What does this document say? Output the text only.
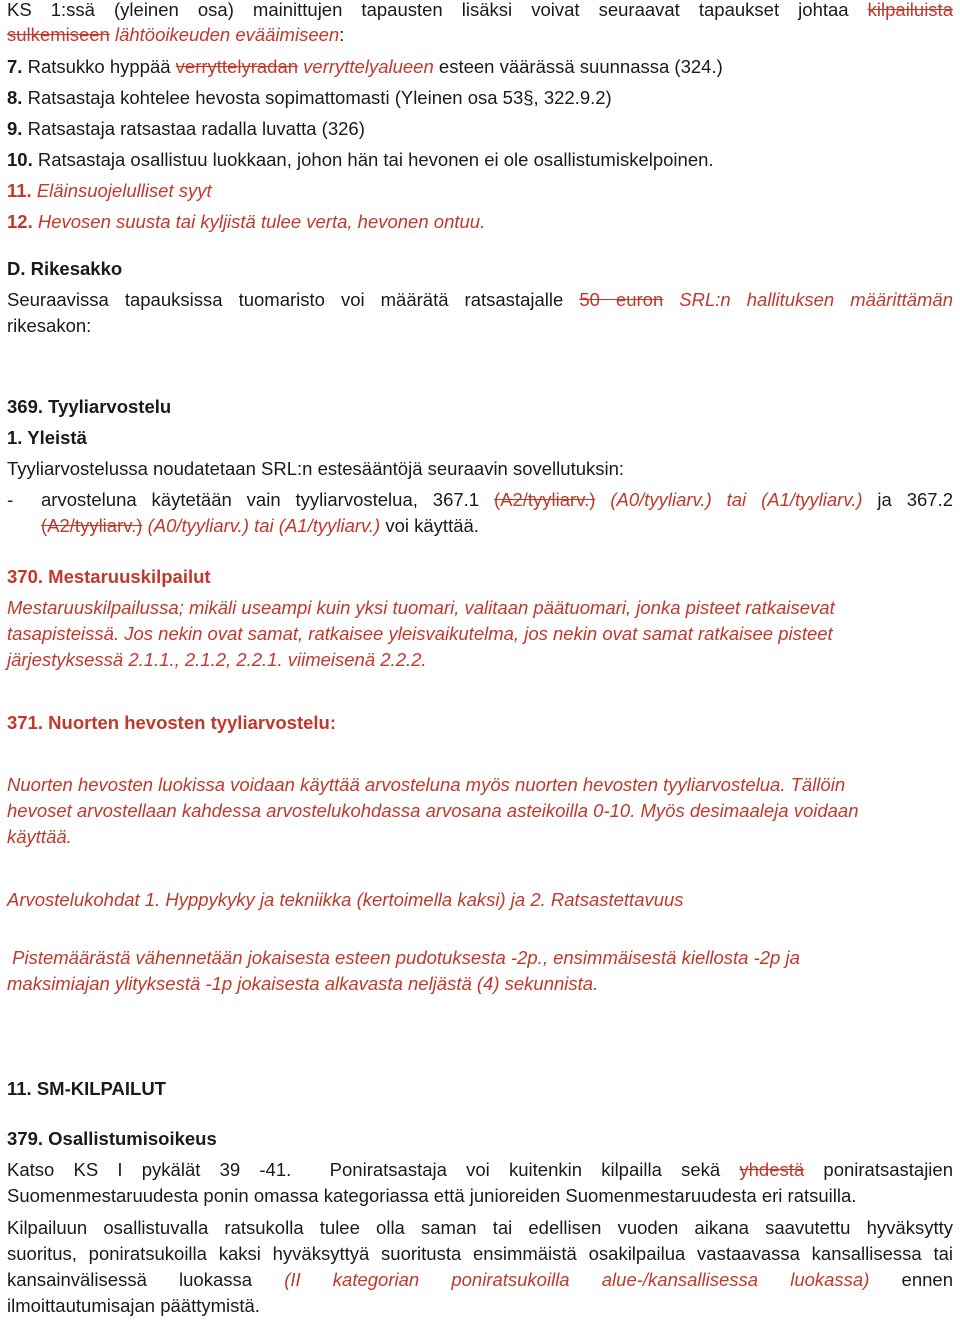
KS 1:ssä (yleinen osa) mainittujen tapausten lisäksi voivat seuraavat tapaukset johtaa kilpailuista
sulkemiseen lähtöoikeuden evääimiseen:
7. Ratsukko hyppää verryttelyradan verryttelyalueen esteen väärässä suunnassa (324.)
8. Ratsastaja kohtelee hevosta sopimattomasti (Yleinen osa 53§, 322.9.2)
9. Ratsastaja ratsastaa radalla luvatta (326)
10. Ratsastaja osallistuu luokkaan, johon hän tai hevonen ei ole osallistumiskelpoinen.
11. Eläinsuojelulliset syyt
12. Hevosen suusta tai kyljistä tulee verta, hevonen ontuu.
D. Rikesakko
Seuraavissa tapauksissa tuomaristo voi määrätä ratsastajalle 50 euron SRL:n hallituksen määrittämän
rikesakon:
369. Tyyliarvostelu
1. Yleistä
Tyyliarvostelussa noudatetaan SRL:n estesääntöjä seuraavin sovellutuksin:
- arvosteluna käytetään vain tyyliarvostelua, 367.1 (A2/tyyliarv.) (A0/tyyliarv.) tai (A1/tyyliarv.) ja 367.2
(A2/tyyliarv.) (A0/tyyliarv.) tai (A1/tyyliarv.) voi käyttää.
370. Mestaruuskilpailut
Mestaruuskilpailussa; mikäli useampi kuin yksi tuomari, valitaan päätuomari, jonka pisteet ratkaisevat
tasapisteissä. Jos nekin ovat samat, ratkaisee yleisvaikutelma, jos nekin ovat samat ratkaisee pisteet
järjestyksessä 2.1.1., 2.1.2, 2.2.1. viimeisenä 2.2.2.
371. Nuorten hevosten tyyliarvostelu:
Nuorten hevosten luokissa voidaan käyttää arvosteluna myös nuorten hevosten tyyliarvostelua. Tällöin
hevoset arvostellaan kahdessa arvostelukohdassa arvosana asteikoilla 0-10. Myös desimaaleja voidaan
käyttää.
Arvostelukohdat 1. Hyppykyky ja tekniikka (kertoimella kaksi) ja 2. Ratsastettavuus
Pistemäärästä vähennetään jokaisesta esteen pudotuksesta -2p., ensimmäisestä kiellosta -2p ja
maksimiajan ylityksestä -1p jokaisesta alkavasta neljästä (4) sekunnista.
11. SM-KILPAILUT
379. Osallistumisoikeus
Katso KS I pykälät 39 -41.  Poniratsastaja voi kuitenkin kilpailla sekä yhdestä poniratsastajien
Suomenmestaruudesta ponin omassa kategoriassa että junioreiden Suomenmestaruudesta eri ratsuilla.
Kilpailuun osallistuvalla ratsukolla tulee olla saman tai edellisen vuoden aikana saavutettu hyväksytty
suoritus, poniratsukoilla kaksi hyväksyttyä suoritusta ensimmäistä osakilpailua vastaavassa kansallisessa tai
kansainvälisessä luokassa (II kategorian poniratsukoilla alue-/kansallisessa luokassa) ennen
ilmoittautumisajan päättymistä.
